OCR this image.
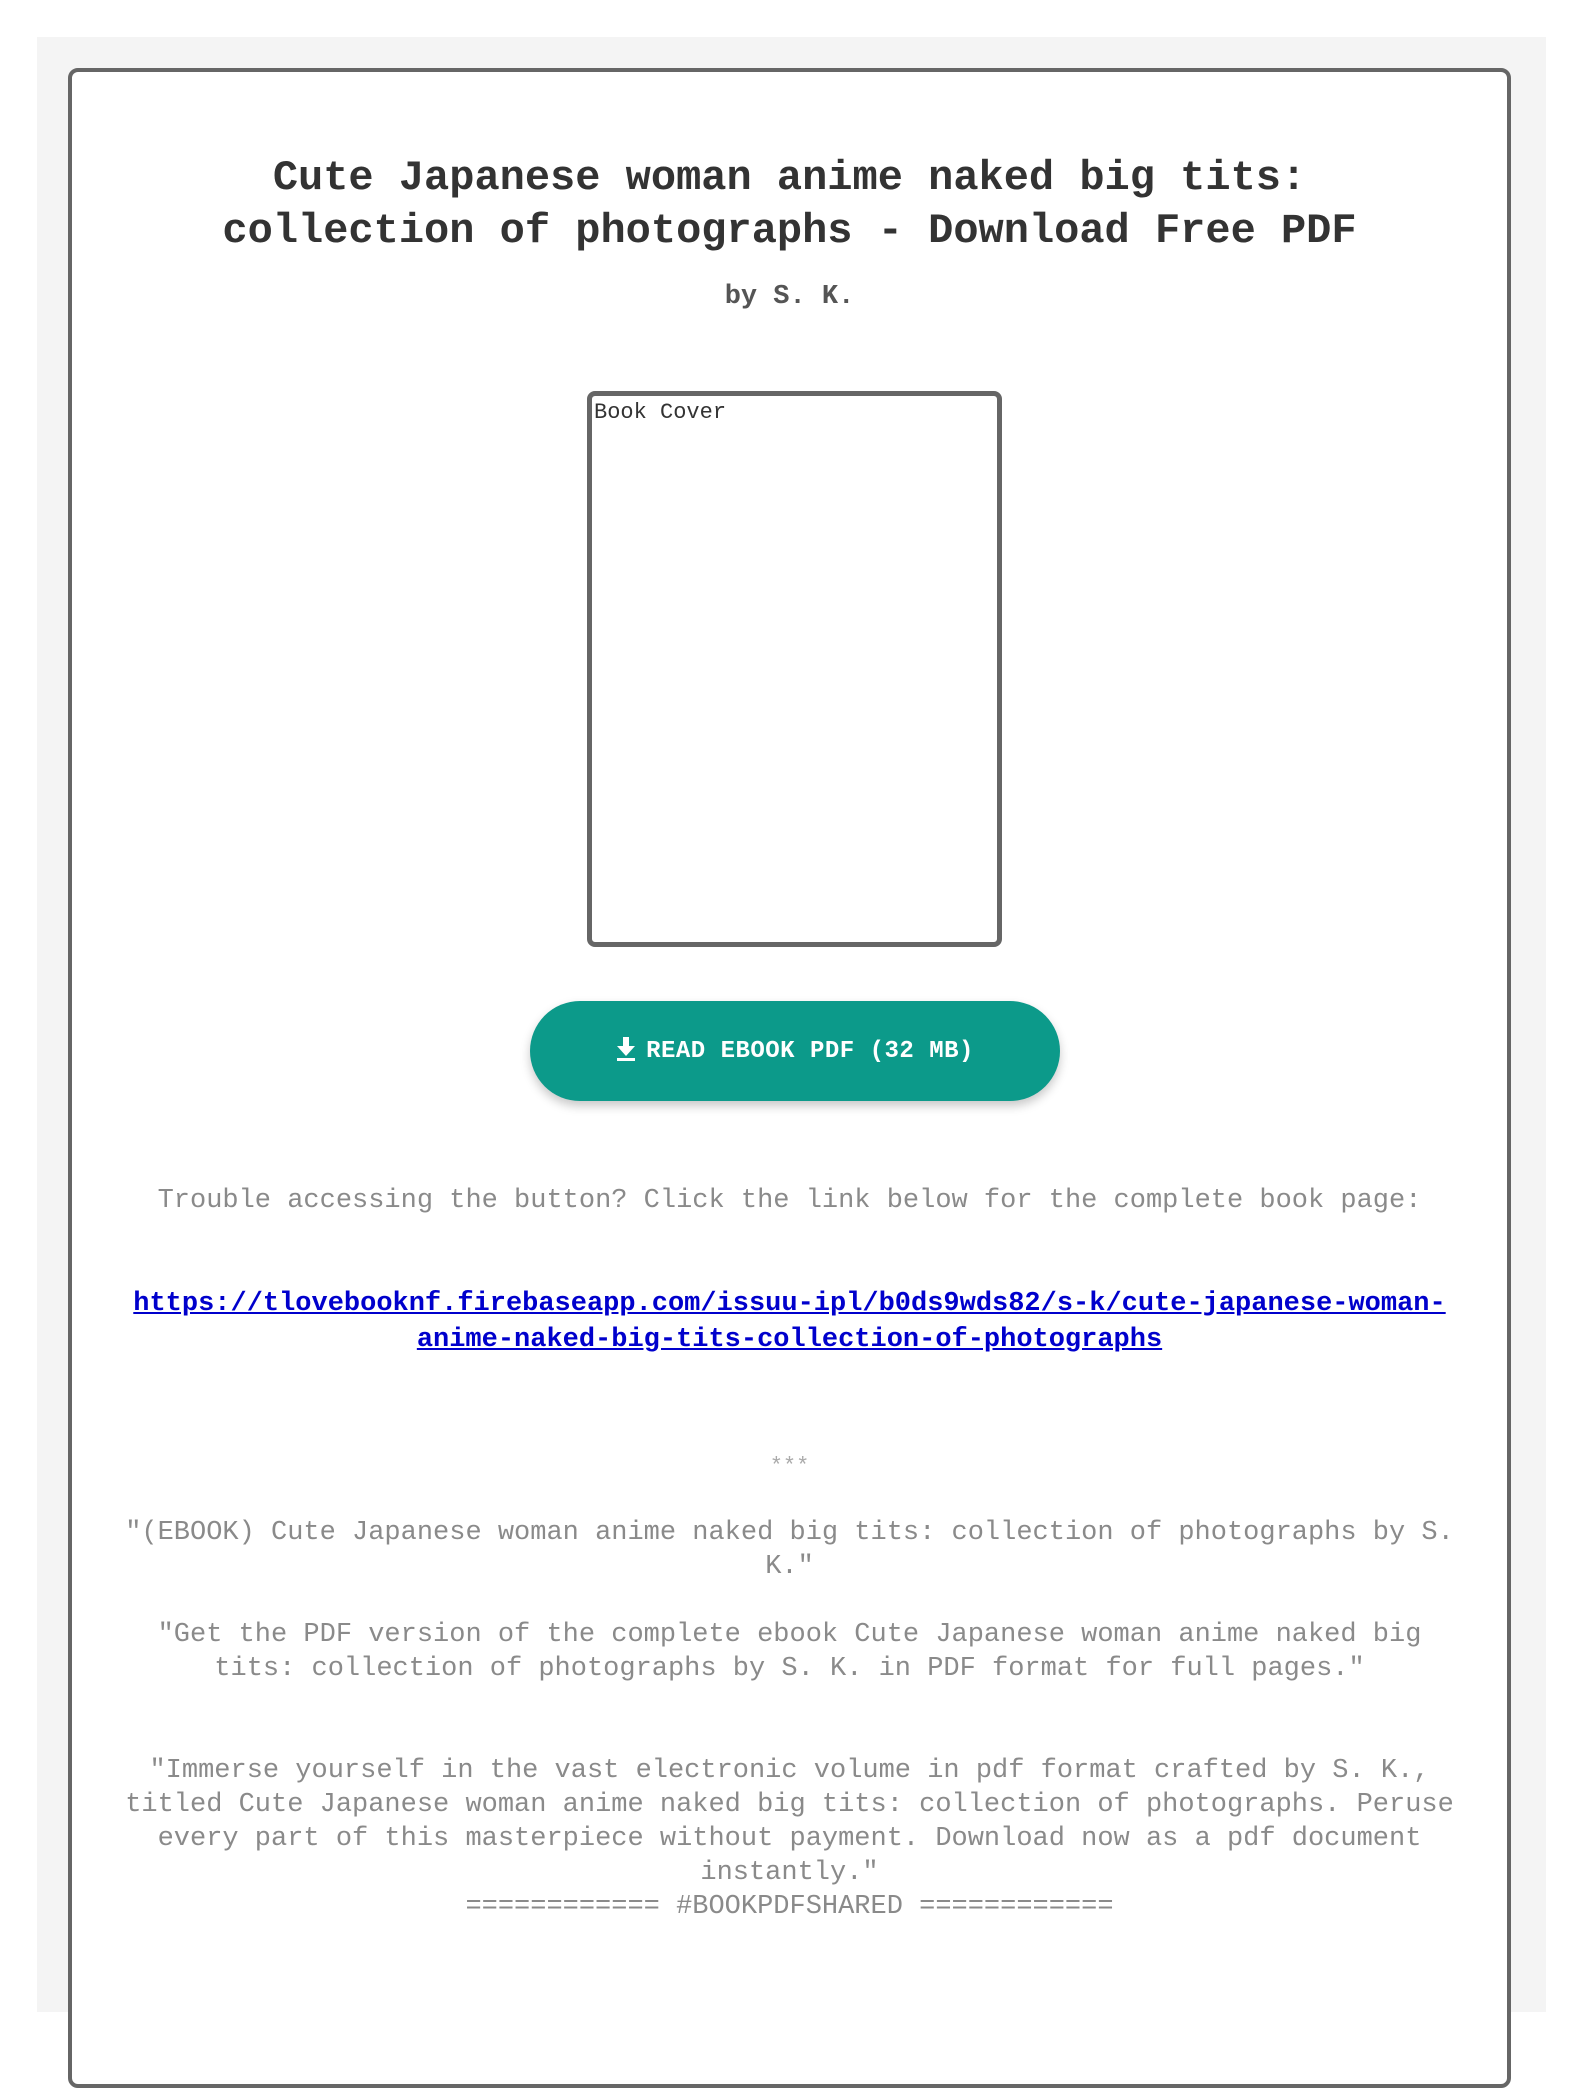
Cute Japanese woman anime naked big tits: collection of photographs - Download Free PDF
by S. K.
Book Cover
READ EBOOK PDF (32 MB)
Trouble accessing the button? Click the link below for the complete book page:
https://tlovebooknf.firebaseapp.com/issuu-ipl/b0ds9wds82/s-k/cute-japanese-woman-anime-naked-big-tits-collection-of-photographs
***
"(EBOOK) Cute Japanese woman anime naked big tits: collection of photographs by S. K."
"Get the PDF version of the complete ebook Cute Japanese woman anime naked big tits: collection of photographs by S. K. in PDF format for full pages."
"Immerse yourself in the vast electronic volume in pdf format crafted by S. K., titled Cute Japanese woman anime naked big tits: collection of photographs. Peruse every part of this masterpiece without payment. Download now as a pdf document instantly."
============ #BOOKPDFSHARED ============
